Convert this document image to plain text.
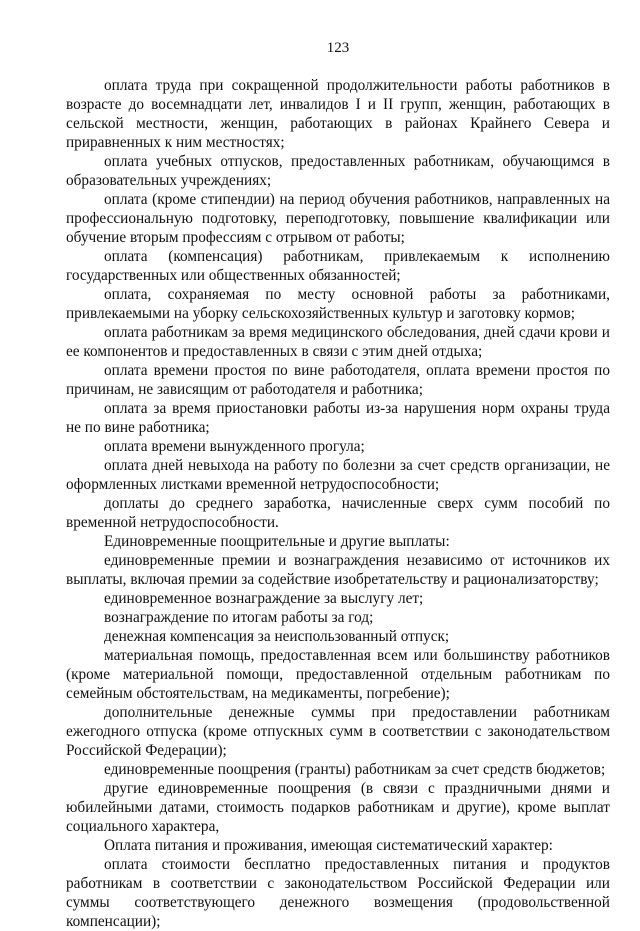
123

оплата труда при сокращенной продолжительности работы работников в возрасте до восемнадцати лет, инвалидов I и II групп, женщин, работающих в сельской местности, женщин, работающих в районах Крайнего Севера и приравненных к ним местностях;

оплата учебных отпусков, предоставленных работникам, обучающимся в образовательных учреждениях;

оплата (кроме стипендии) на период обучения работников, направленных на профессиональную подготовку, переподготовку, повышение квалификации или обучение вторым профессиям с отрывом от работы;

оплата (компенсация) работникам, привлекаемым к исполнению государственных или общественных обязанностей;

оплата, сохраняемая по месту основной работы за работниками, привлекаемыми на уборку сельскохозяйственных культур и заготовку кормов;

оплата работникам за время медицинского обследования, дней сдачи крови и ее компонентов и предоставленных в связи с этим дней отдыха;

оплата времени простоя по вине работодателя, оплата времени простоя по причинам, не зависящим от работодателя и работника;

оплата за время приостановки работы из-за нарушения норм охраны труда не по вине работника;

оплата времени вынужденного прогула;

оплата дней невыхода на работу по болезни за счет средств организации, не оформленных листками временной нетрудоспособности;

доплаты до среднего заработка, начисленные сверх сумм пособий по временной нетрудоспособности.

Единовременные поощрительные и другие выплаты:

единовременные премии и вознаграждения независимо от источников их выплаты, включая премии за содействие изобретательству и рационализаторству;

единовременное вознаграждение за выслугу лет;

вознаграждение по итогам работы за год;

денежная компенсация за неиспользованный отпуск;

материальная помощь, предоставленная всем или большинству работников (кроме материальной помощи, предоставленной отдельным работникам по семейным обстоятельствам, на медикаменты, погребение);

дополнительные денежные суммы при предоставлении работникам ежегодного отпуска (кроме отпускных сумм в соответствии с законодательством Российской Федерации);

единовременные поощрения (гранты) работникам за счет средств бюджетов;

другие единовременные поощрения (в связи с праздничными днями и юбилейными датами, стоимость подарков работникам и другие), кроме выплат социального характера,

Оплата питания и проживания, имеющая систематический характер:

оплата стоимости бесплатно предоставленных питания и продуктов работникам в соответствии с законодательством Российской Федерации или суммы соответствующего денежного возмещения (продовольственной компенсации);
